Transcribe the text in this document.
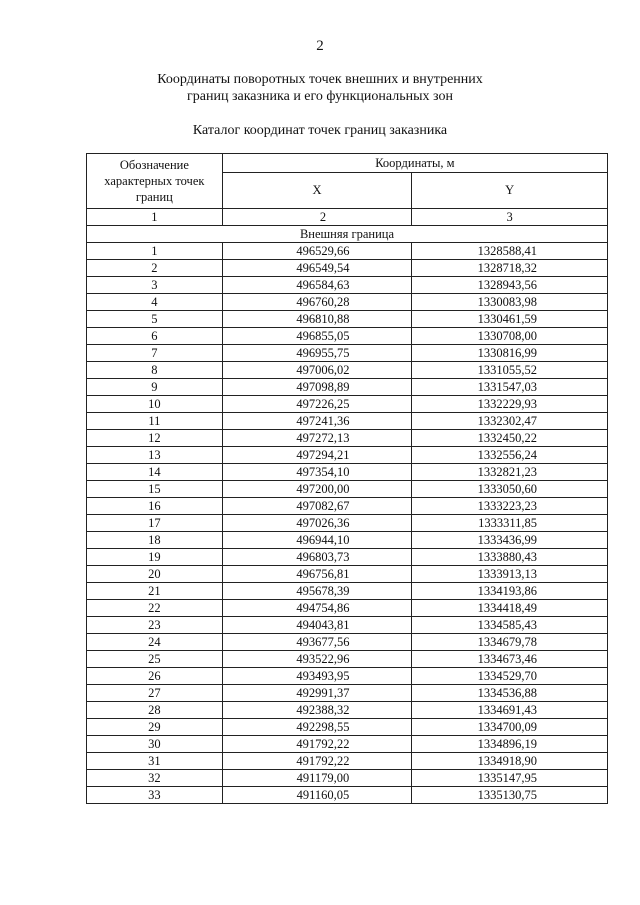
2
Координаты поворотных точек внешних и внутренних
границ заказника и его функциональных зон
Каталог координат точек границ заказника
Обозначение характерных точек границ	Координаты, м	
	X	Y
1	2	3
Внешняя граница		
1	496529,66	1328588,41
2	496549,54	1328718,32
3	496584,63	1328943,56
4	496760,28	1330083,98
5	496810,88	1330461,59
6	496855,05	1330708,00
7	496955,75	1330816,99
8	497006,02	1331055,52
9	497098,89	1331547,03
10	497226,25	1332229,93
11	497241,36	1332302,47
12	497272,13	1332450,22
13	497294,21	1332556,24
14	497354,10	1332821,23
15	497200,00	1333050,60
16	497082,67	1333223,23
17	497026,36	1333311,85
18	496944,10	1333436,99
19	496803,73	1333880,43
20	496756,81	1333913,13
21	495678,39	1334193,86
22	494754,86	1334418,49
23	494043,81	1334585,43
24	493677,56	1334679,78
25	493522,96	1334673,46
26	493493,95	1334529,70
27	492991,37	1334536,88
28	492388,32	1334691,43
29	492298,55	1334700,09
30	491792,22	1334896,19
31	491792,22	1334918,90
32	491179,00	1335147,95
33	491160,05	1335130,75
